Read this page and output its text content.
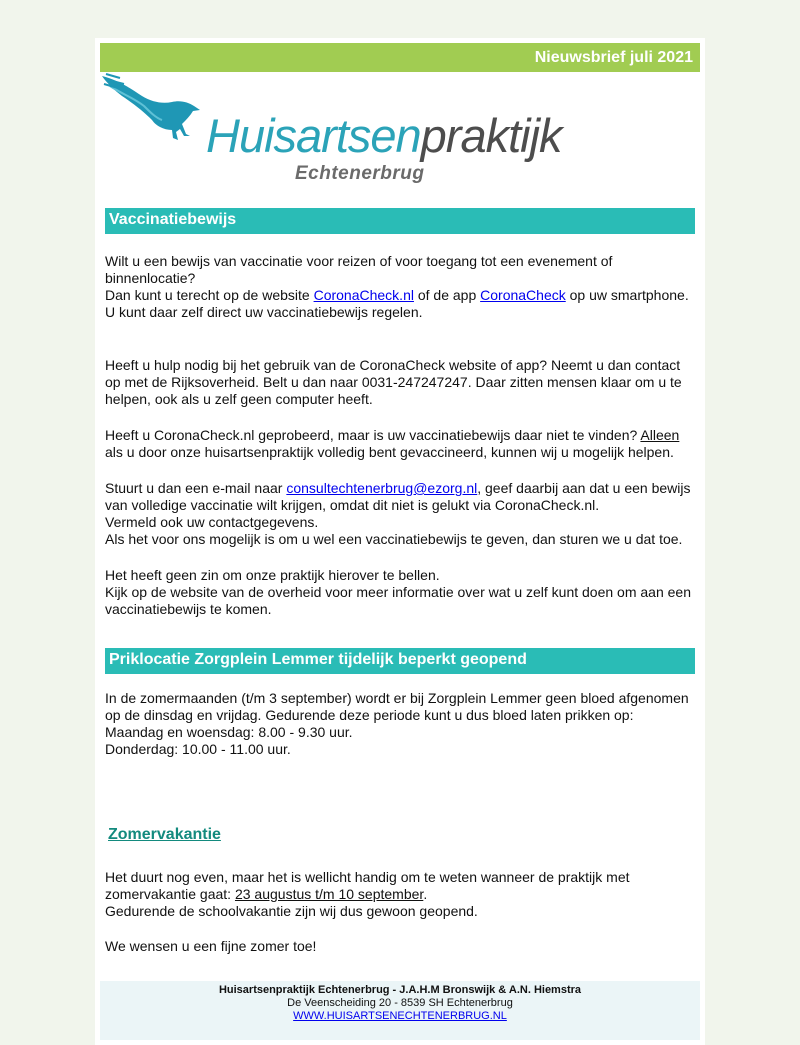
Nieuwsbrief juli 2021
Huisartsenpraktijk
Echtenerbrug
Vaccinatiebewijs

Wilt u een bewijs van vaccinatie voor reizen of voor toegang tot een evenement of binnenlocatie?

Dan kunt u terecht op de website CoronaCheck.nl of de app CoronaCheck op uw smartphone.

U kunt daar zelf direct uw vaccinatiebewijs regelen.

Heeft u hulp nodig bij het gebruik van de CoronaCheck website of app? Neemt u dan contact op met de Rijksoverheid. Belt u dan naar 0031-247247247. Daar zitten mensen klaar om u te helpen, ook als u zelf geen computer heeft.

Heeft u CoronaCheck.nl geprobeerd, maar is uw vaccinatiebewijs daar niet te vinden? Alleen als u door onze huisartsenpraktijk volledig bent gevaccineerd, kunnen wij u mogelijk helpen.

Stuurt u dan een e-mail naar consultechtenerbrug@ezorg.nl, geef daarbij aan dat u een bewijs van volledige vaccinatie wilt krijgen, omdat dit niet is gelukt via CoronaCheck.nl.

Vermeld ook uw contactgegevens.

Als het voor ons mogelijk is om u wel een vaccinatiebewijs te geven, dan sturen we u dat toe.

Het heeft geen zin om onze praktijk hierover te bellen.

Kijk op de website van de overheid voor meer informatie over wat u zelf kunt doen om aan een vaccinatiebewijs te komen.

Priklocatie Zorgplein Lemmer tijdelijk beperkt geopend

In de zomermaanden (t/m 3 september) wordt er bij Zorgplein Lemmer geen bloed afgenomen op de dinsdag en vrijdag. Gedurende deze periode kunt u dus bloed laten prikken op:

Maandag en woensdag: 8.00 - 9.30 uur.

Donderdag: 10.00 - 11.00 uur.

Zomervakantie

Het duurt nog even, maar het is wellicht handig om te weten wanneer de praktijk met zomervakantie gaat: 23 augustus t/m 10 september.

Gedurende de schoolvakantie zijn wij dus gewoon geopend.

We wensen u een fijne zomer toe!

Huisartsenpraktijk Echtenerbrug - J.A.H.M Bronswijk & A.N. Hiemstra
De Veenscheiding 20 - 8539 SH Echtenerbrug
WWW.HUISARTSENECHTENERBRUG.NL
